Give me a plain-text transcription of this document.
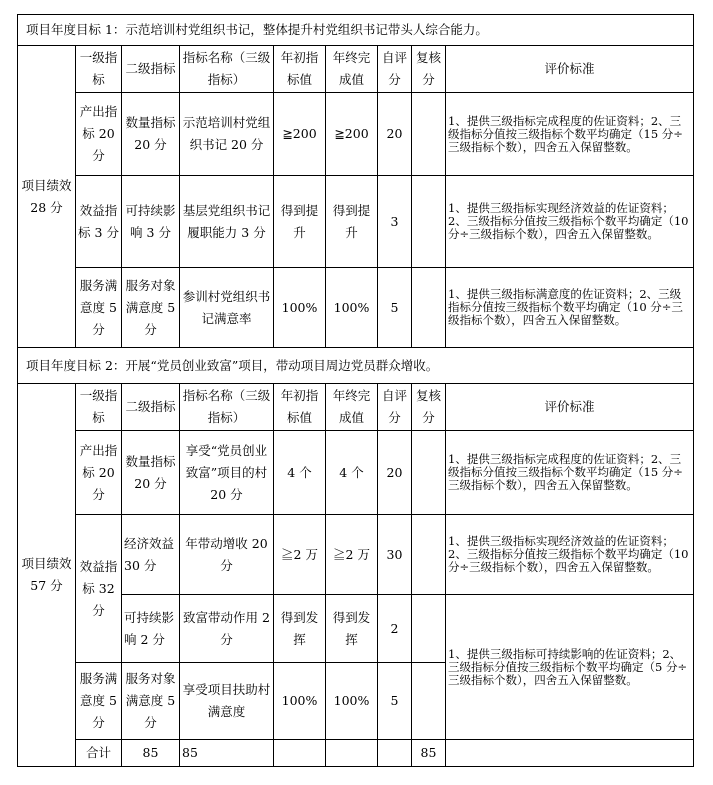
项目年度目标 1：示范培训村党组织书记，整体提升村党组织书记带头人综合能力。									
项目绩效 28 分	一级指标	二级指标	指标名称（三级指标）	年初指标值	年终完成值	自评分	复核分	评价标准	
	产出指标 20 分	数量指标 20 分	示范培训村党组织书记 20 分	≧200	≧200	20		1、提供三级指标完成程度的佐证资料；2、三级指标分值按三级指标个数平均确定（15 分÷三级指标个数），四舍五入保留整数。	
	效益指标 3 分	可持续影响 3 分	基层党组织书记履职能力 3 分	得到提升	得到提升	3		1、提供三级指标实现经济效益的佐证资料；2、三级指标分值按三级指标个数平均确定（10 分÷三级指标个数），四舍五入保留整数。	
	服务满意度 5 分	服务对象满意度 5 分	参训村党组织书记满意率	100%	100%	5		1、提供三级指标满意度的佐证资料；2、三级指标分值按三级指标个数平均确定（10 分÷三级指标个数），四舍五入保留整数。	
项目年度目标 2：开展“党员创业致富”项目，带动项目周边党员群众增收。									
项目绩效 57 分	一级指标	二级指标	指标名称（三级指标）	年初指标值	年终完成值	自评分	复核分	评价标准	
	产出指标 20 分	数量指标 20 分	享受“党员创业致富”项目的村 20 分	4 个	4 个	20		1、提供三级指标完成程度的佐证资料；2、三级指标分值按三级指标个数平均确定（15 分÷三级指标个数），四舍五入保留整数。	
	效益指标 32 分	经济效益 30 分	年带动增收 20 分	≧2 万	≧2 万	30		1、提供三级指标实现经济效益的佐证资料；2、三级指标分值按三级指标个数平均确定（10 分÷三级指标个数），四舍五入保留整数。	
		可持续影响 2 分	致富带动作用 2 分	得到发挥	得到发挥	2		1、提供三级指标可持续影响的佐证资料；2、三级指标分值按三级指标个数平均确定（5 分÷三级指标个数），四舍五入保留整数。	
	服务满意度 5 分	服务对象满意度 5 分	享受项目扶助村满意度	100%	100%	5			
	合计	85	85				85		
